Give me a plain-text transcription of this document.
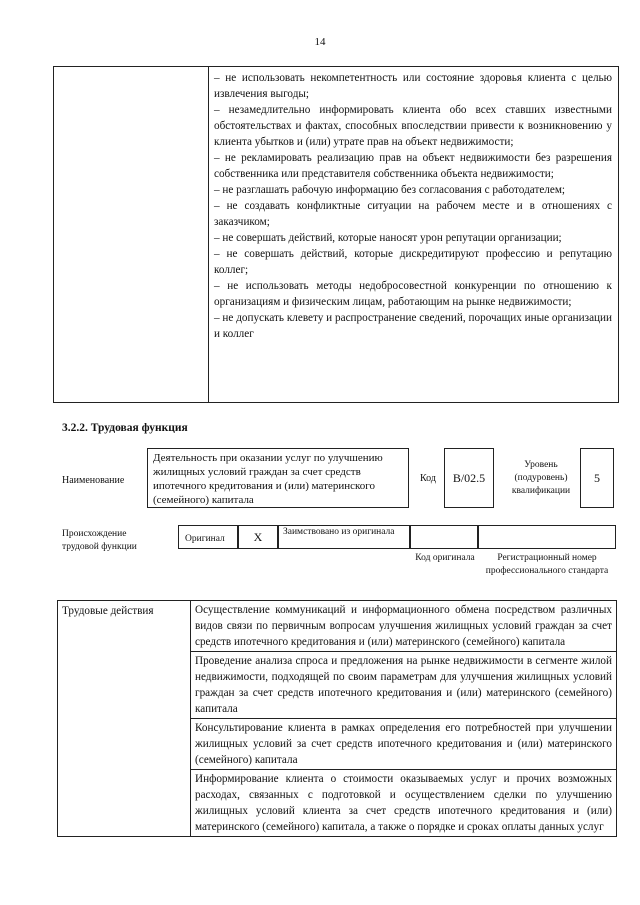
14

– не использовать некомпетентность или состояние здоровья клиента с целью извлечения выгоды;

– незамедлительно информировать клиента обо всех ставших известными обстоятельствах и фактах, способных впоследствии привести к возникновению у клиента убытков и (или) утрате прав на объект недвижимости;

– не рекламировать реализацию прав на объект недвижимости без разрешения собственника или представителя собственника объекта недвижимости;

– не разглашать рабочую информацию без согласования с работодателем;

– не создавать конфликтные ситуации на рабочем месте и в отношениях с заказчиком;

– не совершать действий, которые наносят урон репутации организации;

– не совершать действий, которые дискредитируют профессию и репутацию коллег;

– не использовать методы недобросовестной конкуренции по отношению к организациям и физическим лицам, работающим на рынке недвижимости;

– не допускать клевету и распространение сведений, порочащих иные организации и коллег

3.2.2. Трудовая функция
Наименование
Деятельность при оказании услуг по улучшению жилищных условий граждан за счет средств ипотечного кредитования и (или) материнского (семейного) капитала
Код	B/02.5
Уровень (подуровень) квалификации
5
Происхождение трудовой функции
Оригинал	X	Заимствовано из оригинала
Код оригинала	Регистрационный номер профессионального стандарта
Трудовые действия	Осуществление коммуникаций и информационного обмена посредством различных видов связи по первичным вопросам улучшения жилищных условий граждан за счет средств ипотечного кредитования и (или) материнского (семейного) капитала
Проведение анализа спроса и предложения на рынке недвижимости в сегменте жилой недвижимости, подходящей по своим параметрам для улучшения жилищных условий граждан за счет средств ипотечного кредитования и (или) материнского (семейного) капитала
Консультирование клиента в рамках определения его потребностей при улучшении жилищных условий за счет средств ипотечного кредитования и (или) материнского (семейного) капитала
Информирование клиента о стоимости оказываемых услуг и прочих возможных расходах, связанных с подготовкой и осуществлением сделки по улучшению жилищных условий клиента за счет средств ипотечного кредитования и (или) материнского (семейного) капитала, а также о порядке и сроках оплаты данных услуг
